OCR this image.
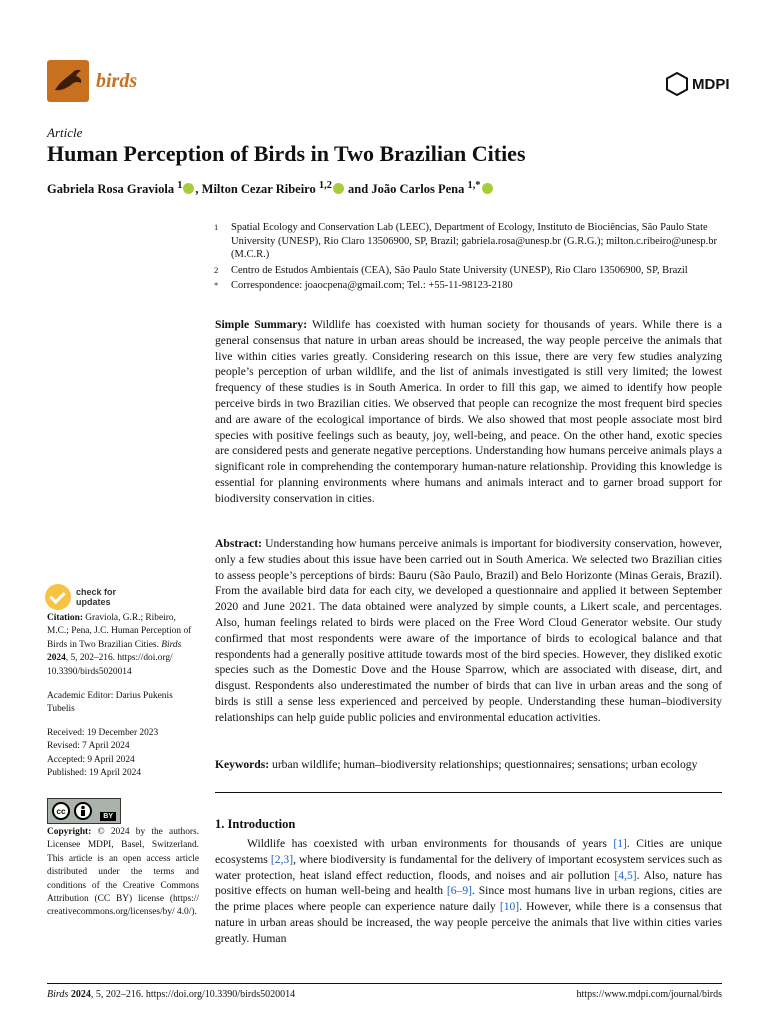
birds	MDPI
Article
Human Perception of Birds in Two Brazilian Cities
Gabriela Rosa Graviola $^1$ , Milton Cezar Ribeiro $^{1,2}$ and João Carlos Pena $^{1,*}$
1	Spatial Ecology and Conservation Lab (LEEC), Department of Ecology, Instituto de Biociências, São Paulo State University (UNESP), Rio Claro 13506900, SP, Brazil; gabriela.rosa@unesp.br (G.R.G.); milton.c.ribeiro@unesp.br (M.C.R.)
2	Centro de Estudos Ambientais (CEA), São Paulo State University (UNESP), Rio Claro 13506900, SP, Brazil
*	Correspondence: joaocpena@gmail.com; Tel.: +55-11-98123-2180

Simple Summary: Wildlife has coexisted with human society for thousands of years. While there is a general consensus that nature in urban areas should be increased, the way people perceive the animals that live within cities varies greatly. Considering research on this issue, there are very few studies analyzing people’s perception of urban wildlife, and the list of animals investigated is still very limited; the lowest frequency of these studies is in South America. In order to fill this gap, we aimed to identify how people perceive birds in two Brazilian cities. We observed that people can recognize the most frequent bird species and are aware of the ecological importance of birds. We also showed that most people associate most bird species with positive feelings such as beauty, joy, well-being, and peace. On the other hand, exotic species are considered pests and generate negative perceptions. Understanding how humans perceive animals plays a significant role in comprehending the contemporary human-nature relationship. Providing this knowledge is essential for planning environments where humans and animals interact and to garner broad support for biodiversity conservation in cities.

Abstract: Understanding how humans perceive animals is important for biodiversity conservation, however, only a few studies about this issue have been carried out in South America. We selected two Brazilian cities to assess people’s perceptions of birds: Bauru (São Paulo, Brazil) and Belo Horizonte (Minas Gerais, Brazil). From the available bird data for each city, we developed a questionnaire and applied it between September 2020 and June 2021. The data obtained were analyzed by simple counts, a Likert scale, and percentages. Also, human feelings related to birds were placed on the Free Word Cloud Generator website. Our study confirmed that most respondents were aware of the importance of birds to ecological balance and that respondents had a generally positive attitude towards most of the bird species. However, they disliked exotic species such as the Domestic Dove and the House Sparrow, which are associated with disease, dirt, and disgust. Respondents also underestimated the number of birds that can live in urban areas and the song of birds is still a sense less experienced and perceived by people. Understanding these human–biodiversity relationships can help guide public policies and environmental education activities.

Keywords: urban wildlife; human–biodiversity relationships; questionnaires; sensations; urban ecology

1. Introduction

Wildlife has coexisted with urban environments for thousands of years [1]. Cities are unique ecosystems [2,3], where biodiversity is fundamental for the delivery of important ecosystem services such as water protection, heat island effect reduction, floods, and noises and air pollution [4,5]. Also, nature has positive effects on human well-being and health [6–9]. Since most humans live in urban regions, cities are the prime places where people can experience nature daily [10]. However, while there is a consensus that nature in urban areas should be increased, the way people perceive the animals that live within cities varies greatly. Human

check for
updates

Citation: Graviola, G.R.; Ribeiro, M.C.; Pena, J.C. Human Perception of Birds in Two Brazilian Cities. Birds 2024, 5, 202–216. https://doi.org/ 10.3390/birds5020014

Academic Editor: Darius Pukenis Tubelis

Received: 19 December 2023
Revised: 7 April 2024
Accepted: 9 April 2024
Published: 19 April 2024
cc
BY

Copyright: © 2024 by the authors. Licensee MDPI, Basel, Switzerland. This article is an open access article distributed under the terms and conditions of the Creative Commons Attribution (CC BY) license (https:// creativecommons.org/licenses/by/ 4.0/).

Birds 2024, 5, 202–216. https://doi.org/10.3390/birds5020014	https://www.mdpi.com/journal/birds
